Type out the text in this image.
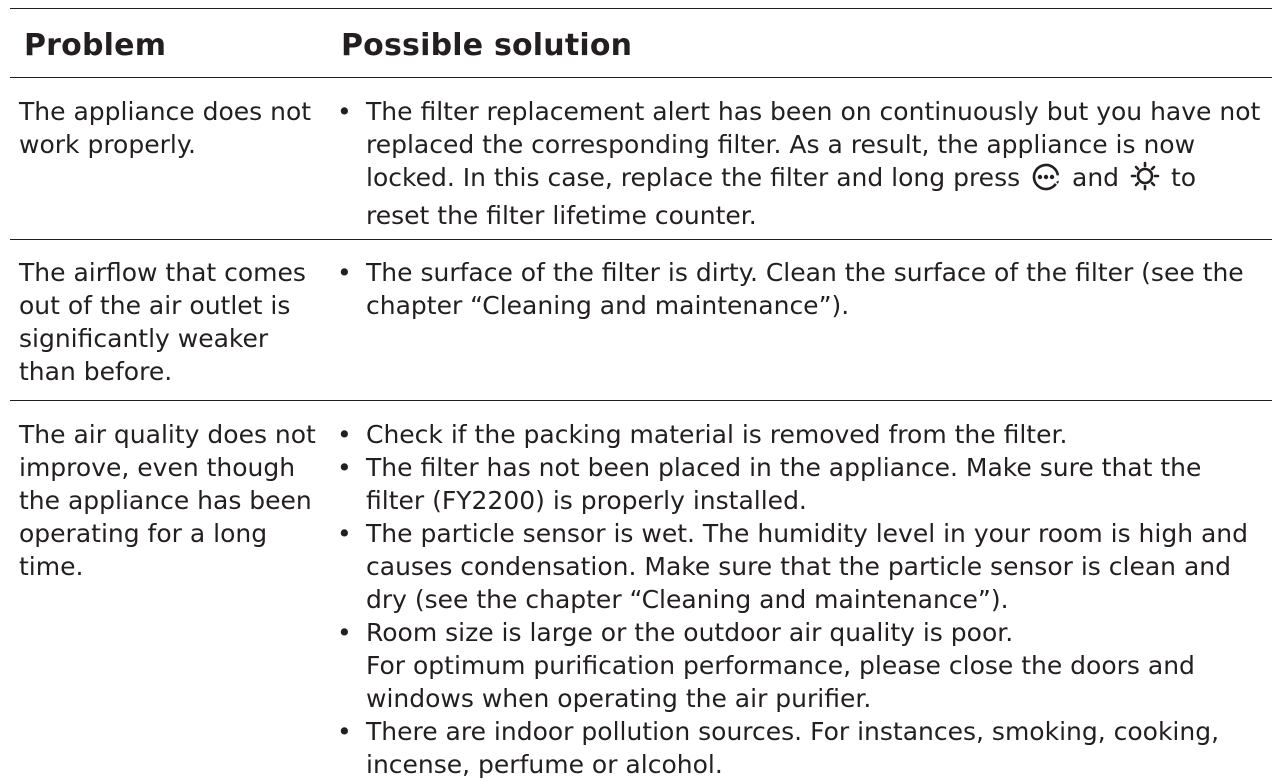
Problem	Possible solution
The appliance does not work properly.
• The filter replacement alert has been on continuously but you have not replaced the corresponding filter. As a result, the appliance is now locked. In this case, replace the filter and long press  and  to reset the filter lifetime counter.
The airflow that comes out of the air outlet is significantly weaker than before.
• The surface of the filter is dirty. Clean the surface of the filter (see the chapter “Cleaning and maintenance”).
The air quality does not improve, even though the appliance has been operating for a long time.
• Check if the packing material is removed from the filter.
• The filter has not been placed in the appliance. Make sure that the filter (FY2200) is properly installed.
• The particle sensor is wet. The humidity level in your room is high and causes condensation. Make sure that the particle sensor is clean and dry (see the chapter “Cleaning and maintenance”).
• Room size is large or the outdoor air quality is poor.
For optimum purification performance, please close the doors and windows when operating the air purifier.
• There are indoor pollution sources. For instances, smoking, cooking, incense, perfume or alcohol.
